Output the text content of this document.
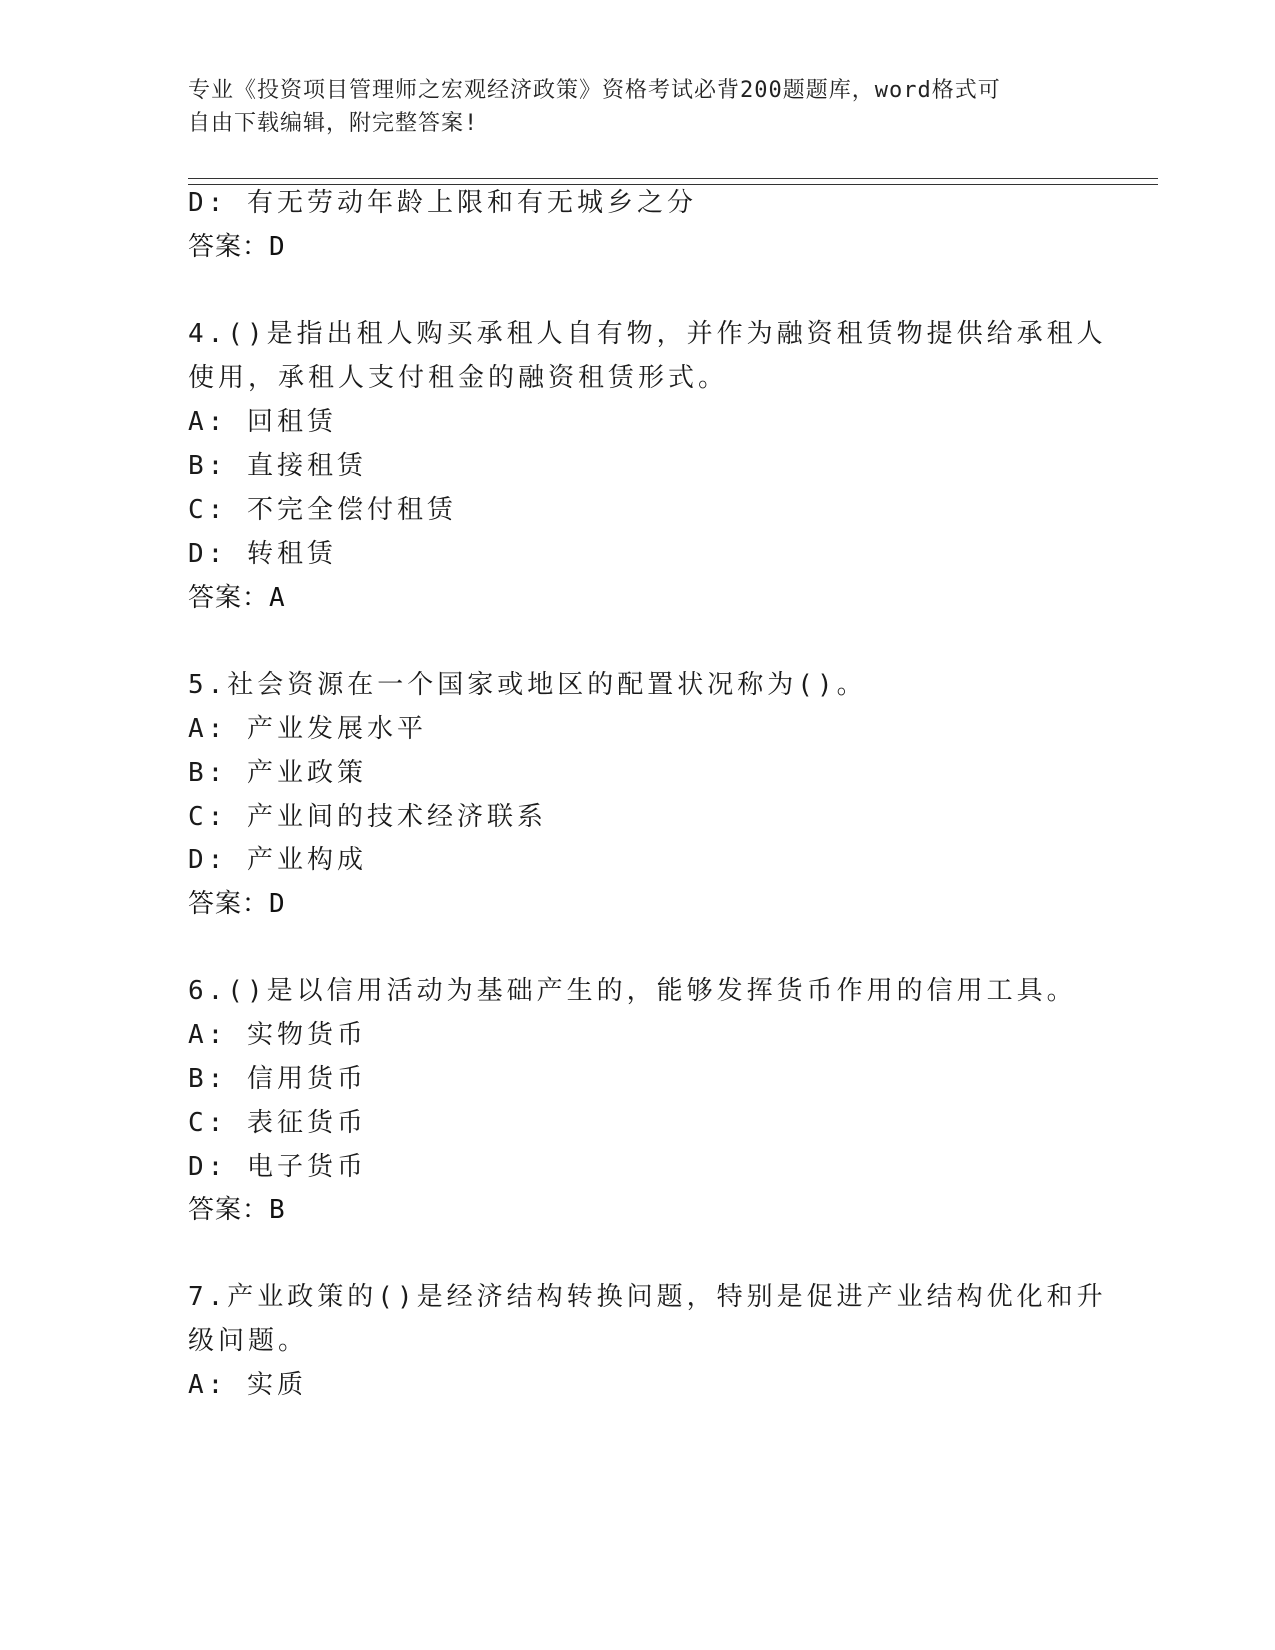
专业《投资项目管理师之宏观经济政策》资格考试必背200题题库，word格式可
自由下载编辑，附完整答案!
D: 有无劳动年龄上限和有无城乡之分
答案：D
4.()是指出租人购买承租人自有物，并作为融资租赁物提供给承租人
使用，承租人支付租金的融资租赁形式。
A: 回租赁
B: 直接租赁
C: 不完全偿付租赁
D: 转租赁
答案：A
5.社会资源在一个国家或地区的配置状况称为()。
A: 产业发展水平
B: 产业政策
C: 产业间的技术经济联系
D: 产业构成
答案：D
6.()是以信用活动为基础产生的，能够发挥货币作用的信用工具。
A: 实物货币
B: 信用货币
C: 表征货币
D: 电子货币
答案：B
7.产业政策的()是经济结构转换问题，特别是促进产业结构优化和升
级问题。
A: 实质
